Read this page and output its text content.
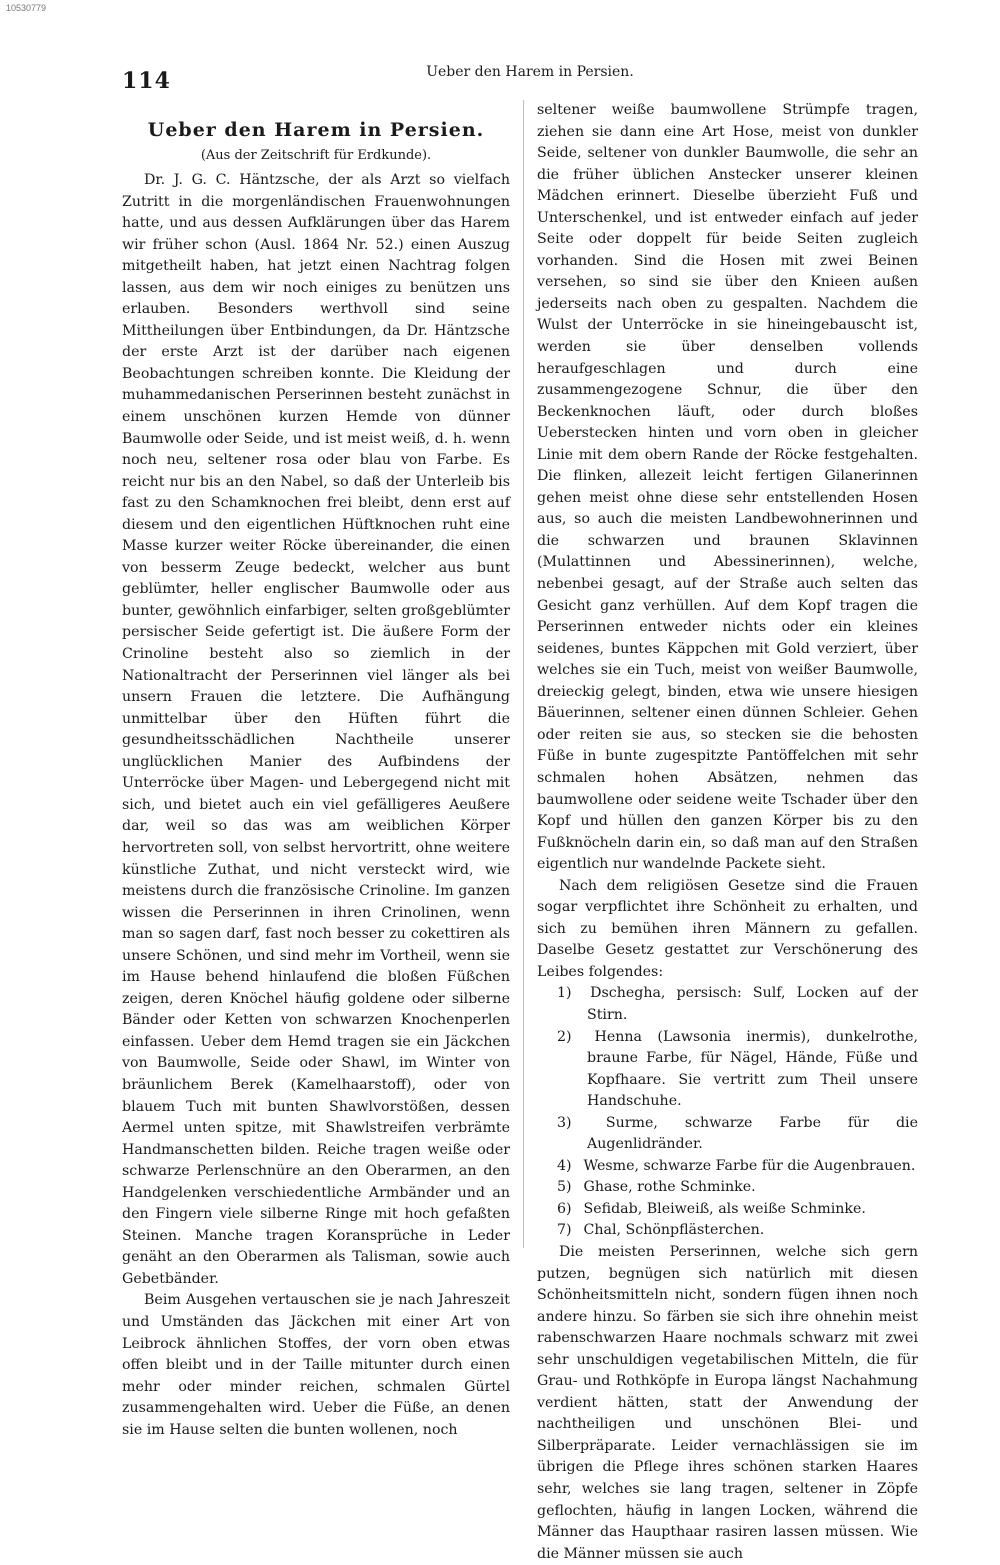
10530779
114	Ueber den Harem in Persien.
Ueber den Harem in Persien.
(Aus der Zeitschrift für Erdkunde).

Dr. J. G. C. Häntzsche, der als Arzt so vielfach Zutritt in die morgenländischen Frauenwohnungen hatte, und aus dessen Aufklärungen über das Harem wir früher schon (Ausl. 1864 Nr. 52.) einen Auszug mitgetheilt haben, hat jetzt einen Nachtrag folgen lassen, aus dem wir noch einiges zu benützen uns erlauben. Besonders werthvoll sind seine Mittheilungen über Entbindungen, da Dr. Häntzsche der erste Arzt ist der darüber nach eigenen Beobachtungen schreiben konnte. Die Kleidung der muhammedanischen Perserinnen besteht zunächst in einem unschönen kurzen Hemde von dünner Baumwolle oder Seide, und ist meist weiß, d. h. wenn noch neu, seltener rosa oder blau von Farbe. Es reicht nur bis an den Nabel, so daß der Unterleib bis fast zu den Schamknochen frei bleibt, denn erst auf diesem und den eigentlichen Hüftknochen ruht eine Masse kurzer weiter Röcke übereinander, die einen von besserm Zeuge bedeckt, welcher aus bunt geblümter, heller englischer Baumwolle oder aus bunter, gewöhnlich einfarbiger, selten großgeblümter persischer Seide gefertigt ist. Die äußere Form der Crinoline besteht also so ziemlich in der Nationaltracht der Perserinnen viel länger als bei unsern Frauen die letztere. Die Aufhängung unmittelbar über den Hüften führt die gesundheitsschädlichen Nachtheile unserer unglücklichen Manier des Aufbindens der Unterröcke über Magen- und Lebergegend nicht mit sich, und bietet auch ein viel gefälligeres Aeußere dar, weil so das was am weiblichen Körper hervortreten soll, von selbst hervortritt, ohne weitere künstliche Zuthat, und nicht versteckt wird, wie meistens durch die französische Crinoline. Im ganzen wissen die Perserinnen in ihren Crinolinen, wenn man so sagen darf, fast noch besser zu cokettiren als unsere Schönen, und sind mehr im Vortheil, wenn sie im Hause behend hinlaufend die bloßen Füßchen zeigen, deren Knöchel häufig goldene oder silberne Bänder oder Ketten von schwarzen Knochenperlen einfassen. Ueber dem Hemd tragen sie ein Jäckchen von Baumwolle, Seide oder Shawl, im Winter von bräunlichem Berek (Kamelhaarstoff), oder von blauem Tuch mit bunten Shawlvorstößen, dessen Aermel unten spitze, mit Shawlstreifen verbrämte Handmanschetten bilden. Reiche tragen weiße oder schwarze Perlenschnüre an den Oberarmen, an den Handgelenken verschiedentliche Armbänder und an den Fingern viele silberne Ringe mit hoch gefaßten Steinen. Manche tragen Koransprüche in Leder genäht an den Oberarmen als Talisman, sowie auch Gebetbänder.

Beim Ausgehen vertauschen sie je nach Jahreszeit und Umständen das Jäckchen mit einer Art von Leibrock ähnlichen Stoffes, der vorn oben etwas offen bleibt und in der Taille mitunter durch einen mehr oder minder reichen, schmalen Gürtel zusammengehalten wird. Ueber die Füße, an denen sie im Hause selten die bunten wollenen, noch

seltener weiße baumwollene Strümpfe tragen, ziehen sie dann eine Art Hose, meist von dunkler Seide, seltener von dunkler Baumwolle, die sehr an die früher üblichen Anstecker unserer kleinen Mädchen erinnert. Dieselbe überzieht Fuß und Unterschenkel, und ist entweder einfach auf jeder Seite oder doppelt für beide Seiten zugleich vorhanden. Sind die Hosen mit zwei Beinen versehen, so sind sie über den Knieen außen jederseits nach oben zu gespalten. Nachdem die Wulst der Unterröcke in sie hineingebauscht ist, werden sie über denselben vollends heraufgeschlagen und durch eine zusammengezogene Schnur, die über den Beckenknochen läuft, oder durch bloßes Ueberstecken hinten und vorn oben in gleicher Linie mit dem obern Rande der Röcke festgehalten. Die flinken, allezeit leicht fertigen Gilanerinnen gehen meist ohne diese sehr entstellenden Hosen aus, so auch die meisten Landbewohnerinnen und die schwarzen und braunen Sklavinnen (Mulattinnen und Abessinerinnen), welche, nebenbei gesagt, auf der Straße auch selten das Gesicht ganz verhüllen. Auf dem Kopf tragen die Perserinnen entweder nichts oder ein kleines seidenes, buntes Käppchen mit Gold verziert, über welches sie ein Tuch, meist von weißer Baumwolle, dreieckig gelegt, binden, etwa wie unsere hiesigen Bäuerinnen, seltener einen dünnen Schleier. Gehen oder reiten sie aus, so stecken sie die behosten Füße in bunte zugespitzte Pantöffelchen mit sehr schmalen hohen Absätzen, nehmen das baumwollene oder seidene weite Tschader über den Kopf und hüllen den ganzen Körper bis zu den Fußknöcheln darin ein, so daß man auf den Straßen eigentlich nur wandelnde Packete sieht.

Nach dem religiösen Gesetze sind die Frauen sogar verpflichtet ihre Schönheit zu erhalten, und sich zu bemühen ihren Männern zu gefallen. Daselbe Gesetz gestattet zur Verschönerung des Leibes folgendes:

1) Dschegha, persisch: Sulf, Locken auf der Stirn.
2) Henna (Lawsonia inermis), dunkelrothe, braune Farbe, für Nägel, Hände, Füße und Kopfhaare. Sie vertritt zum Theil unsere Handschuhe.
3) Surme, schwarze Farbe für die Augenlidränder.
4) Wesme, schwarze Farbe für die Augenbrauen.
5) Ghase, rothe Schminke.
6) Sefidab, Bleiweiß, als weiße Schminke.
7) Chal, Schönpflästerchen.

Die meisten Perserinnen, welche sich gern putzen, begnügen sich natürlich mit diesen Schönheitsmitteln nicht, sondern fügen ihnen noch andere hinzu. So färben sie sich ihre ohnehin meist rabenschwarzen Haare nochmals schwarz mit zwei sehr unschuldigen vegetabilischen Mitteln, die für Grau- und Rothköpfe in Europa längst Nachahmung verdient hätten, statt der Anwendung der nachtheiligen und unschönen Blei- und Silberpräparate. Leider vernachlässigen sie im übrigen die Pflege ihres schönen starken Haares sehr, welches sie lang tragen, seltener in Zöpfe geflochten, häufig in langen Locken, während die Männer das Haupthaar rasiren lassen müssen. Wie die Männer müssen sie auch
